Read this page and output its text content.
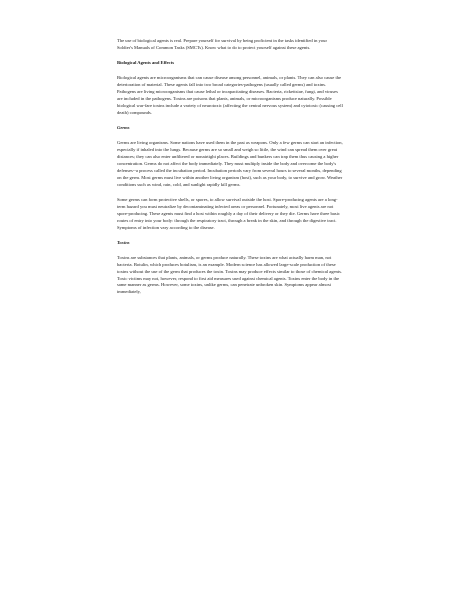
The use of biological agents is real. Prepare yourself for survival by being proficient in the tasks identified in your Soldier's Manuals of Common Tasks (SMCTs). Know what to do to protect yourself against these agents.

Biological Agents and Effects

Biological agents are microorganisms that can cause disease among personnel, animals, or plants. They can also cause the deterioration of material. These agents fall into two broad categories-pathogens (usually called germs) and toxins. Pathogens are living microorganisms that cause lethal or incapacitating diseases. Bacteria, rickettsiae, fungi, and viruses are included in the pathogens. Toxins are poisons that plants, animals, or microorganisms produce naturally. Possible biological war-fare toxins include a variety of neurotoxic (affecting the central nervous system) and cytotoxic (causing cell death) compounds.

Germs

Germs are living organisms. Some nations have used them in the past as weapons. Only a few germs can start an infection, especially if inhaled into the lungs. Because germs are so small and weigh so little, the wind can spread them over great distances; they can also enter unfiltered or nonairtight places. Buildings and bunkers can trap them thus causing a higher concentration. Germs do not affect the body immediately. They must multiply inside the body and overcome the body's defenses--a process called the incubation period. Incubation periods vary from several hours to several months, depending on the germ. Most germs must live within another living organism (host), such as your body, to survive and grow. Weather conditions such as wind, rain, cold, and sunlight rapidly kill germs.

Some germs can form protective shells, or spores, to allow survival outside the host. Spore-producing agents are a long-term hazard you must neutralize by decontaminating infected areas or personnel. Fortunately, most live agents are not spore-producing. These agents must find a host within roughly a day of their delivery or they die. Germs have three basic routes of entry into your body: through the respiratory tract, through a break in the skin, and through the digestive tract. Symptoms of infection vary according to the disease.

Toxins

Toxins are substances that plants, animals, or germs produce naturally. These toxins are what actually harm man, not bacteria. Botulin, which produces botulism, is an example. Modern science has allowed large-scale production of these toxins without the use of the germ that produces the toxin. Toxins may produce effects similar to those of chemical agents. Toxic victims may not, however, respond to first aid measures used against chemical agents. Toxins enter the body in the same manner as germs. However, some toxins, unlike germs, can penetrate unbroken skin. Symptoms appear almost immediately,
